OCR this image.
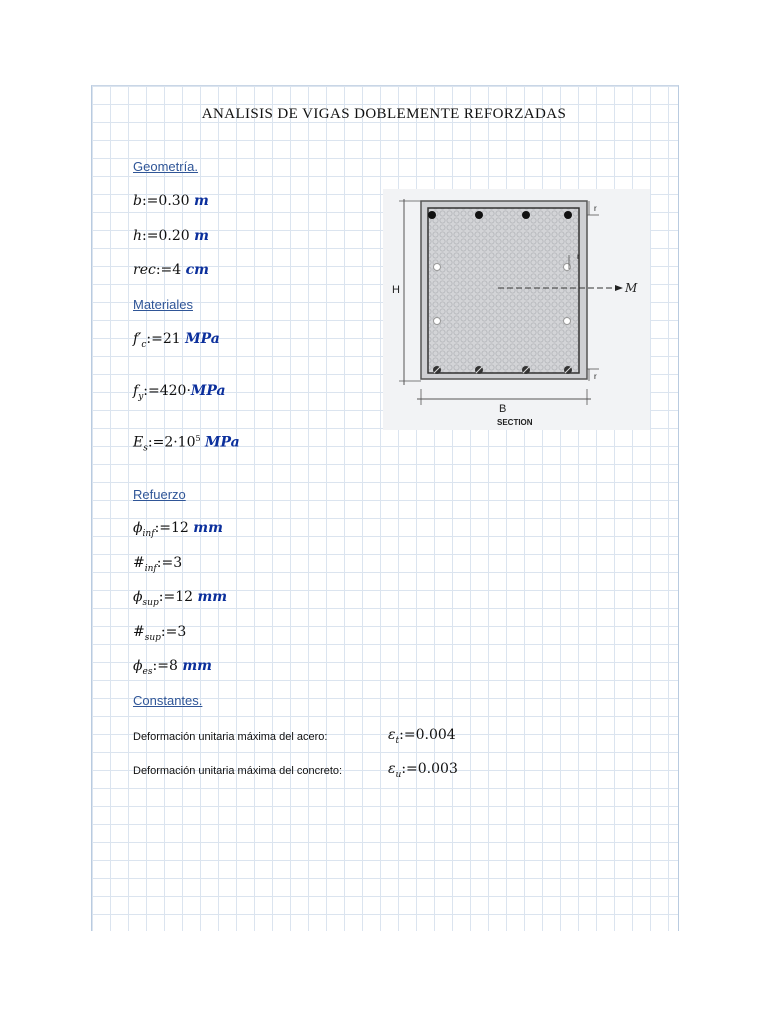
ANALISIS DE VIGAS DOBLEMENTE REFORZADAS
Geometría.
b:=0.30 m
h:=0.20 m
rec:=4 cm
Materiales
$f'_c:=21$ MPa
$f_y:=420\cdot MPa$
$E_s:=2\cdot 10^5$ MPa
Refuerzo
$\phi_{inf}:=12$ mm
$\#_{inf}:=3$
$\phi_{sup}:=12$ mm
$\#_{sup}:=3$
$\phi_{es}:=8$ mm
Constantes.
Deformación unitaria máxima del acero:	$\varepsilon_t:=0.004$
Deformación unitaria máxima del concreto:	$\varepsilon_u:=0.003$
H
B
SECTION
r
r
r
M
